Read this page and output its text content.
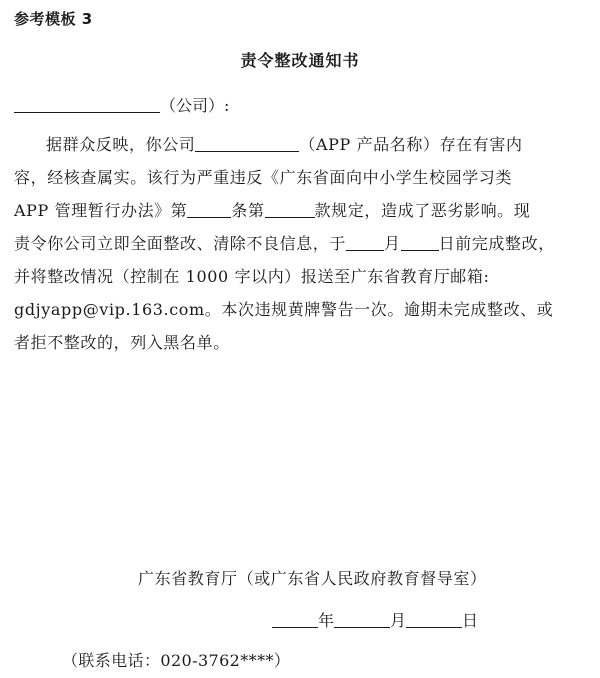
参考模板 3
责令整改通知书
（公司）:
据群众反映，你公司	（APP 产品名称）存在有害内
容，经核查属实。该行为严重违反《广东省面向中小学生校园学习类
APP 管理暂行办法》第	条第	款规定，造成了恶劣影响。现
责令你公司立即全面整改、清除不良信息，于 月 日前完成整改，
并将整改情况（控制在 1000 字以内）报送至广东省教育厅邮箱:
gdjyapp@vip.163.com。本次违规黄牌警告一次。逾期未完成整改、或
者拒不整改的，列入黑名单。
广东省教育厅（或广东省人民政府教育督导室）
年	月	日
（联系电话：020-3762****）
